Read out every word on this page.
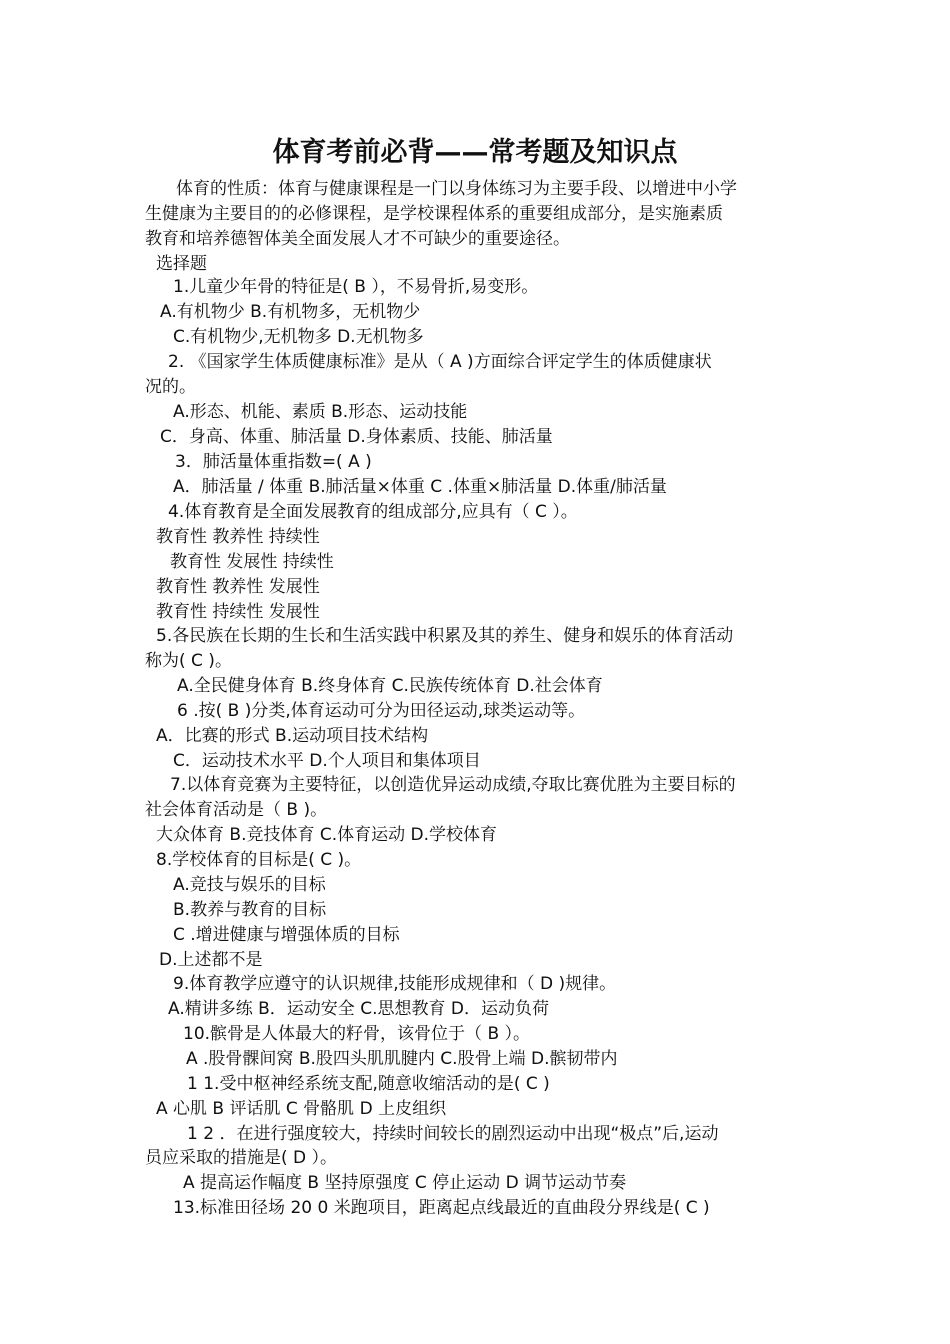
体育考前必背——常考题及知识点
体育的性质：体育与健康课程是一门以身体练习为主要手段、以增进中小学
生健康为主要目的的必修课程，是学校课程体系的重要组成部分，是实施素质
教育和培养德智体美全面发展人才不可缺少的重要途径。
选择题
1.儿童少年骨的特征是( B ），不易骨折,易变形。
A.有机物少 B.有机物多，无机物少
C.有机物少,无机物多 D.无机物多
2. 《国家学生体质健康标准》是从（ A )方面综合评定学生的体质健康状
况的。
A.形态、机能、素质 B.形态、运动技能
C．身高、体重、肺活量 D.身体素质、技能、肺活量
3．肺活量体重指数=( A )
A．肺活量 / 体重 B.肺活量×体重 C .体重×肺活量 D.体重/肺活量
4.体育教育是全面发展教育的组成部分,应具有（ C ）。
教育性 教养性 持续性
教育性 发展性 持续性
教育性 教养性 发展性
教育性 持续性 发展性
5.各民族在长期的生长和生活实践中积累及其的养生、健身和娱乐的体育活动
称为( C )。
A.全民健身体育 B.终身体育 C.民族传统体育 D.社会体育
6 .按( B )分类,体育运动可分为田径运动,球类运动等。
A．比赛的形式 B.运动项目技术结构
C．运动技术水平 D.个人项目和集体项目
7.以体育竞赛为主要特征，以创造优异运动成绩,夺取比赛优胜为主要目标的
社会体育活动是（ B )。
大众体育 B.竞技体育 C.体育运动 D.学校体育
8.学校体育的目标是( C )。
A.竞技与娱乐的目标
B.教养与教育的目标
C .增进健康与增强体质的目标
D.上述都不是
9.体育教学应遵守的认识规律,技能形成规律和（ D )规律。
A.精讲多练 B．运动安全 C.思想教育 D．运动负荷
10.髌骨是人体最大的籽骨，该骨位于（ B ）。
A .股骨髁间窝 B.股四头肌肌腱内 C.股骨上端 D.髌韧带内
1 1.受中枢神经系统支配,随意收缩活动的是( C )
A 心肌 B 评话肌 C 骨骼肌 D 上皮组织
1 2 ．在进行强度较大，持续时间较长的剧烈运动中出现“极点”后,运动
员应采取的措施是( D ）。
A 提高运作幅度 B 坚持原强度 C 停止运动 D 调节运动节奏
13.标准田径场 20 0 米跑项目，距离起点线最近的直曲段分界线是( C )
